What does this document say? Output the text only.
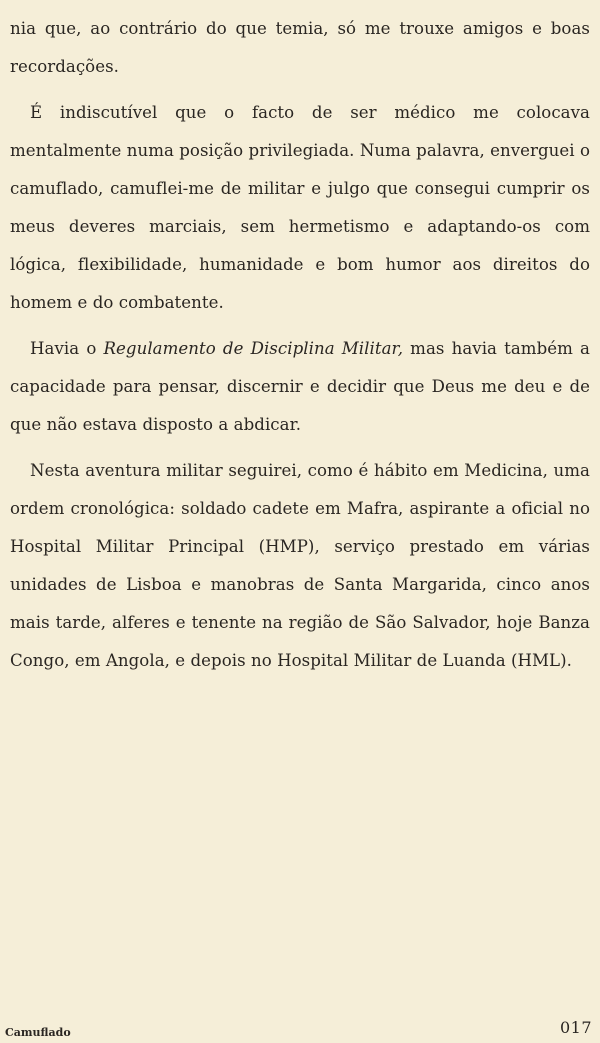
nia que, ao contrário do que temia, só me trouxe amigos e boas recordações.

É indiscutível que o facto de ser médico me colocava mentalmente numa posição privilegiada. Numa palavra, enverguei o camuflado, camuflei-me de militar e julgo que consegui cumprir os meus deveres marciais, sem hermetismo e adaptando-os com lógica, flexibilidade, humanidade e bom humor aos direitos do homem e do combatente.

Havia o Regulamento de Disciplina Militar, mas havia também a capacidade para pensar, discernir e decidir que Deus me deu e de que não estava disposto a abdicar.

Nesta aventura militar seguirei, como é hábito em Medicina, uma ordem cronológica: soldado cadete em Mafra, aspirante a oficial no Hospital Militar Principal (HMP), serviço prestado em várias unidades de Lisboa e manobras de Santa Margarida, cinco anos mais tarde, alferes e tenente na região de São Salvador, hoje Banza Congo, em Angola, e depois no Hospital Militar de Luanda (HML).

Camuflado	017
